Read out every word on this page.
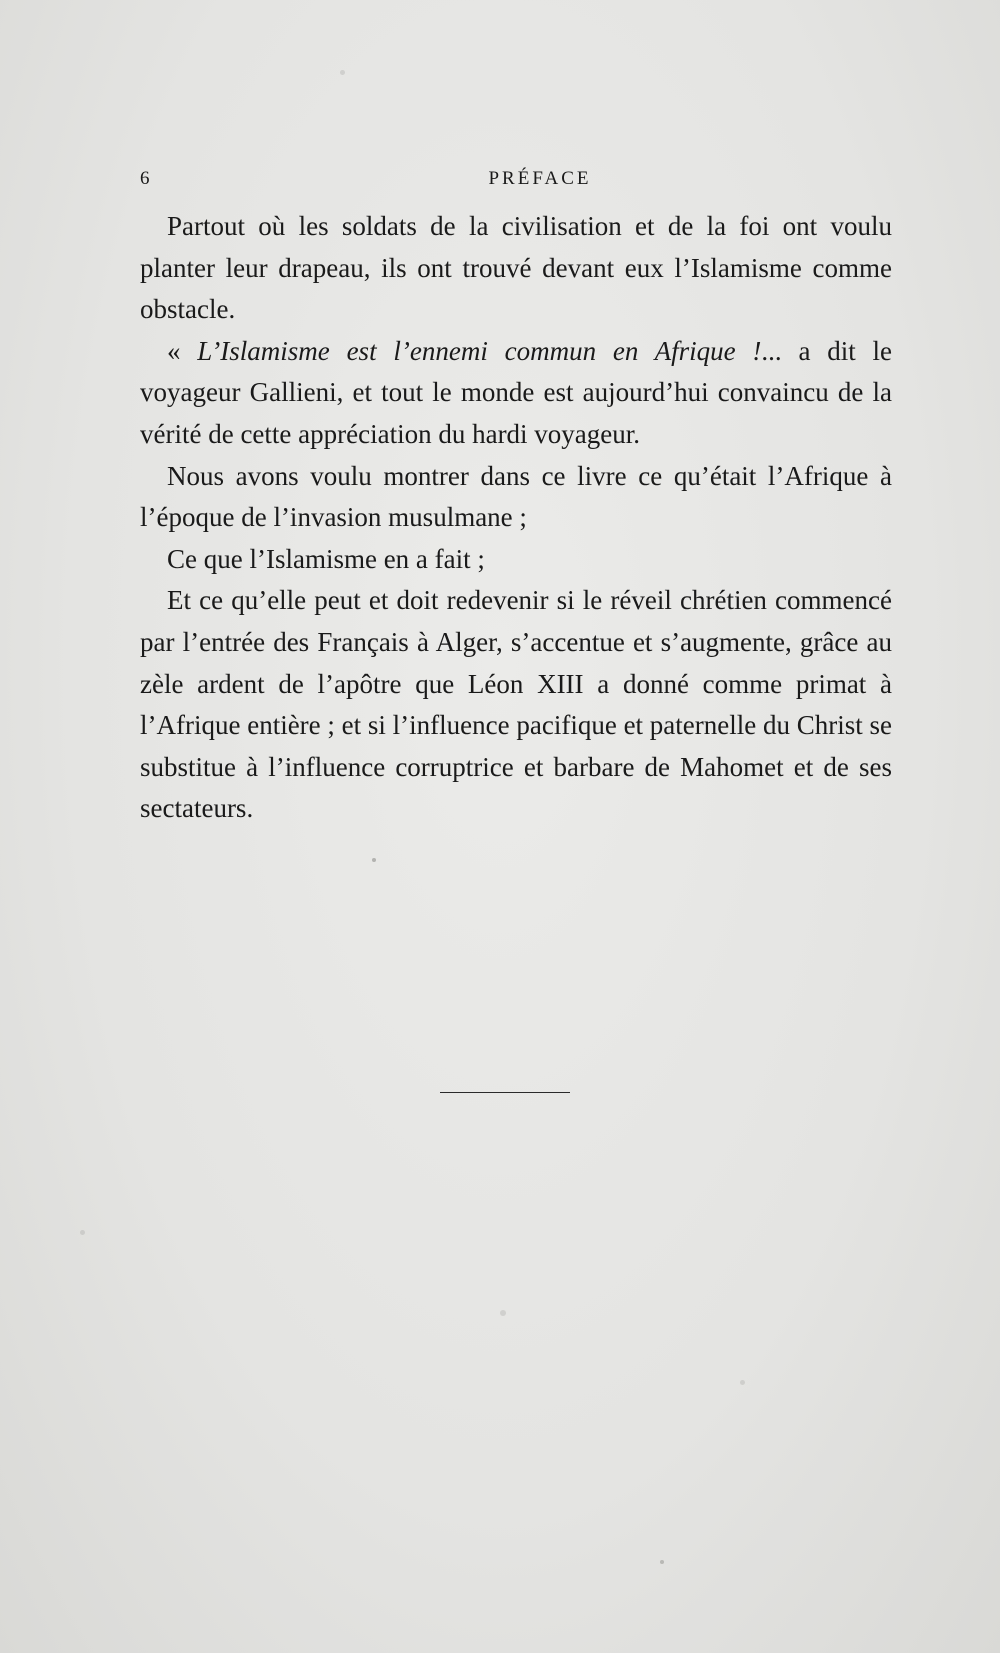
6	PRÉFACE

Partout où les soldats de la civilisation et de la foi ont voulu planter leur drapeau, ils ont trouvé devant eux l’Islamisme comme obstacle.

« L’Islamisme est l’ennemi commun en Afrique !... a dit le voyageur Gallieni, et tout le monde est aujourd’hui convaincu de la vérité de cette appréciation du hardi voyageur.

Nous avons voulu montrer dans ce livre ce qu’était l’Afrique à l’époque de l’invasion musulmane ;

Ce que l’Islamisme en a fait ;

Et ce qu’elle peut et doit redevenir si le réveil chrétien commencé par l’entrée des Français à Alger, s’accentue et s’augmente, grâce au zèle ardent de l’apôtre que Léon XIII a donné comme primat à l’Afrique entière ; et si l’influence pacifique et paternelle du Christ se substitue à l’influence corruptrice et barbare de Mahomet et de ses sectateurs.
